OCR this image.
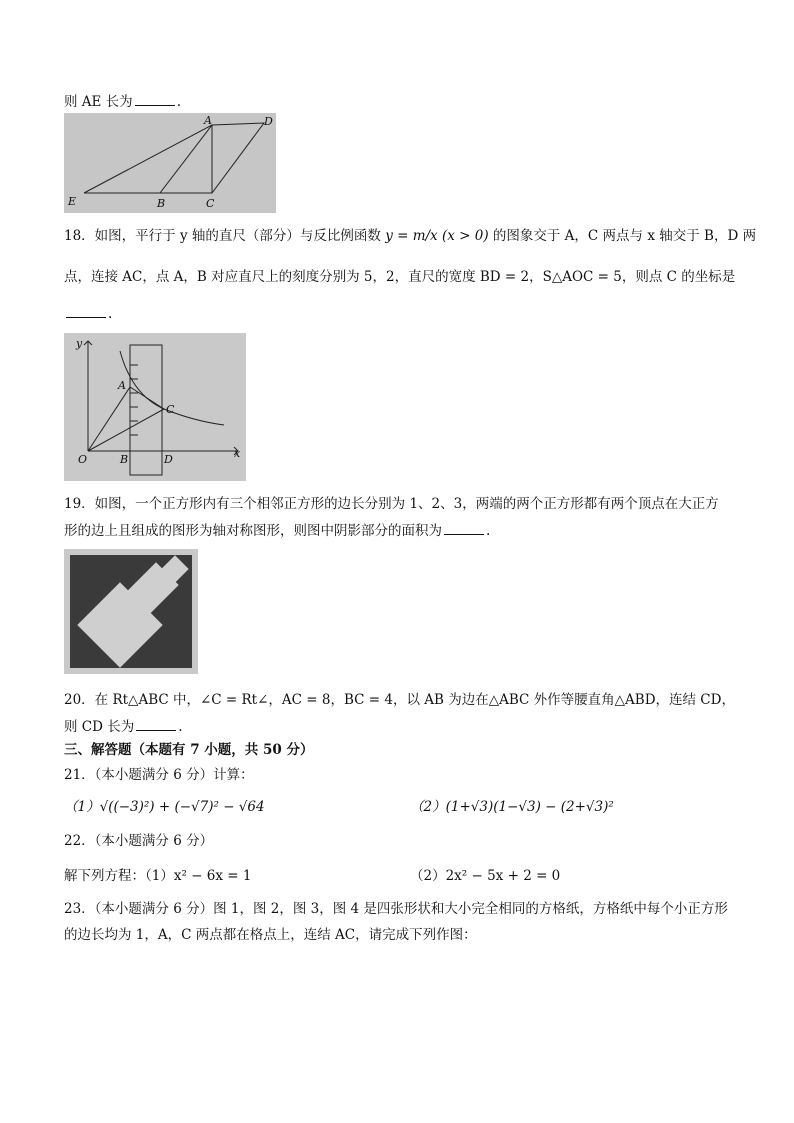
则 AE 长为	.
A	D
E	B	C
18．如图，平行于 y 轴的直尺（部分）与反比例函数 y = m/x (x > 0) 的图象交于 A，C 两点与 x 轴交于 B，D 两
点，连接 AC，点 A，B 对应直尺上的刻度分别为 5，2，直尺的宽度 BD = 2，S△AOC = 5，则点 C 的坐标是
.
y
A
C
O	B	D	x
19．如图，一个正方形内有三个相邻正方形的边长分别为 1、2、3，两端的两个正方形都有两个顶点在大正方
形的边上且组成的图形为轴对称图形，则图中阴影部分的面积为	.
20．在 Rt△ABC 中，∠C = Rt∠，AC = 8，BC = 4，以 AB 为边在△ABC 外作等腰直角△ABD，连结 CD，
则 CD 长为	.
三、解答题（本题有 7 小题，共 50 分）
21．（本小题满分 6 分）计算：
（1）√((−3)²) + (−√7)² − √64	（2）(1+√3)(1−√3) − (2+√3)²
22．（本小题满分 6 分）
解下列方程：（1）x² − 6x = 1	（2）2x² − 5x + 2 = 0
23．（本小题满分 6 分）图 1，图 2，图 3，图 4 是四张形状和大小完全相同的方格纸，方格纸中每个小正方形
的边长均为 1，A，C 两点都在格点上，连结 AC，请完成下列作图：
